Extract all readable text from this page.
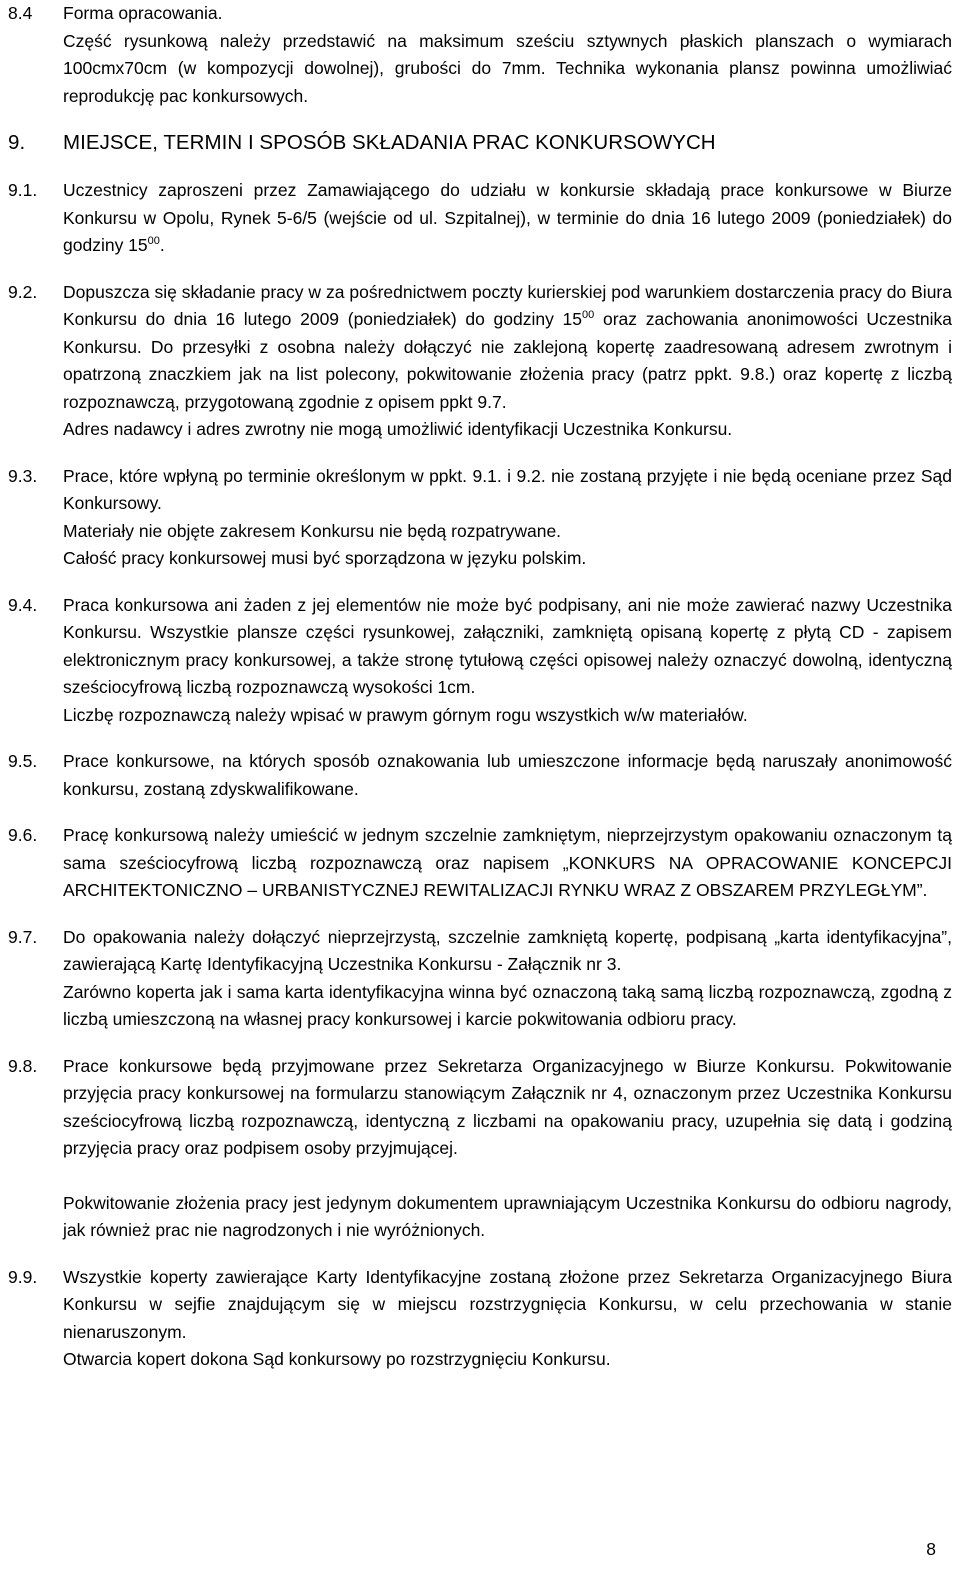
8.4	Forma opracowania.

Część rysunkową należy przedstawić na maksimum sześciu sztywnych płaskich planszach o wymiarach 100cmx70cm (w kompozycji dowolnej), grubości do 7mm. Technika wykonania plansz powinna umożliwiać reprodukcję pac konkursowych.

9.	MIEJSCE, TERMIN I SPOSÓB SKŁADANIA PRAC KONKURSOWYCH
9.1.	Uczestnicy zaproszeni przez Zamawiającego do udziału w konkursie składają prace konkursowe w Biurze Konkursu w Opolu, Rynek 5-6/5 (wejście od ul. Szpitalnej), w terminie do dnia 16 lutego 2009 (poniedziałek) do godziny $15^{00}$.

9.2.	Dopuszcza się składanie pracy w za pośrednictwem poczty kurierskiej pod warunkiem dostarczenia pracy do Biura Konkursu do dnia 16 lutego 2009 (poniedziałek) do godziny $15^{00}$ oraz zachowania anonimowości Uczestnika Konkursu. Do przesyłki z osobna należy dołączyć nie zaklejoną kopertę zaadresowaną adresem zwrotnym i opatrzoną znaczkiem jak na list polecony, pokwitowanie złożenia pracy (patrz ppkt. 9.8.) oraz kopertę z liczbą rozpoznawczą, przygotowaną zgodnie z opisem ppkt 9.7.

Adres nadawcy i adres zwrotny nie mogą umożliwić identyfikacji Uczestnika Konkursu.

9.3.	Prace, które wpłyną po terminie określonym w ppkt. 9.1. i 9.2. nie zostaną przyjęte i nie będą oceniane przez Sąd Konkursowy.

Materiały nie objęte zakresem Konkursu nie będą rozpatrywane.

Całość pracy konkursowej musi być sporządzona w języku polskim.

9.4.	Praca konkursowa ani żaden z jej elementów nie może być podpisany, ani nie może zawierać nazwy Uczestnika Konkursu. Wszystkie plansze części rysunkowej, załączniki, zamkniętą opisaną kopertę z płytą CD - zapisem elektronicznym pracy konkursowej, a także stronę tytułową części opisowej należy oznaczyć dowolną, identyczną sześciocyfrową liczbą rozpoznawczą wysokości 1cm.

Liczbę rozpoznawczą należy wpisać w prawym górnym rogu wszystkich w/w materiałów.

9.5.	Prace konkursowe, na których sposób oznakowania lub umieszczone informacje będą naruszały anonimowość konkursu, zostaną zdyskwalifikowane.

9.6.	Pracę konkursową należy umieścić w jednym szczelnie zamkniętym, nieprzejrzystym opakowaniu oznaczonym tą sama sześciocyfrową liczbą rozpoznawczą oraz napisem „KONKURS NA OPRACOWANIE KONCEPCJI ARCHITEKTONICZNO – URBANISTYCZNEJ REWITALIZACJI RYNKU WRAZ Z OBSZAREM PRZYLEGŁYM”.

9.7.	Do opakowania należy dołączyć nieprzejrzystą, szczelnie zamkniętą kopertę, podpisaną „karta identyfikacyjna”, zawierającą Kartę Identyfikacyjną Uczestnika Konkursu - Załącznik nr 3.

Zarówno koperta jak i sama karta identyfikacyjna winna być oznaczoną taką samą liczbą rozpoznawczą, zgodną z liczbą umieszczoną na własnej pracy konkursowej i karcie pokwitowania odbioru pracy.

9.8.	Prace konkursowe będą przyjmowane przez Sekretarza Organizacyjnego w Biurze Konkursu. Pokwitowanie przyjęcia pracy konkursowej na formularzu stanowiącym Załącznik nr 4, oznaczonym przez Uczestnika Konkursu sześciocyfrową liczbą rozpoznawczą, identyczną z liczbami na opakowaniu pracy, uzupełnia się datą i godziną przyjęcia pracy oraz podpisem osoby przyjmującej.

Pokwitowanie złożenia pracy jest jedynym dokumentem uprawniającym Uczestnika Konkursu do odbioru nagrody, jak również prac nie nagrodzonych i nie wyróżnionych.

9.9.	Wszystkie koperty zawierające Karty Identyfikacyjne zostaną złożone przez Sekretarza Organizacyjnego Biura Konkursu w sejfie znajdującym się w miejscu rozstrzygnięcia Konkursu, w celu przechowania w stanie nienaruszonym.

Otwarcia kopert dokona Sąd konkursowy po rozstrzygnięciu Konkursu.

8
